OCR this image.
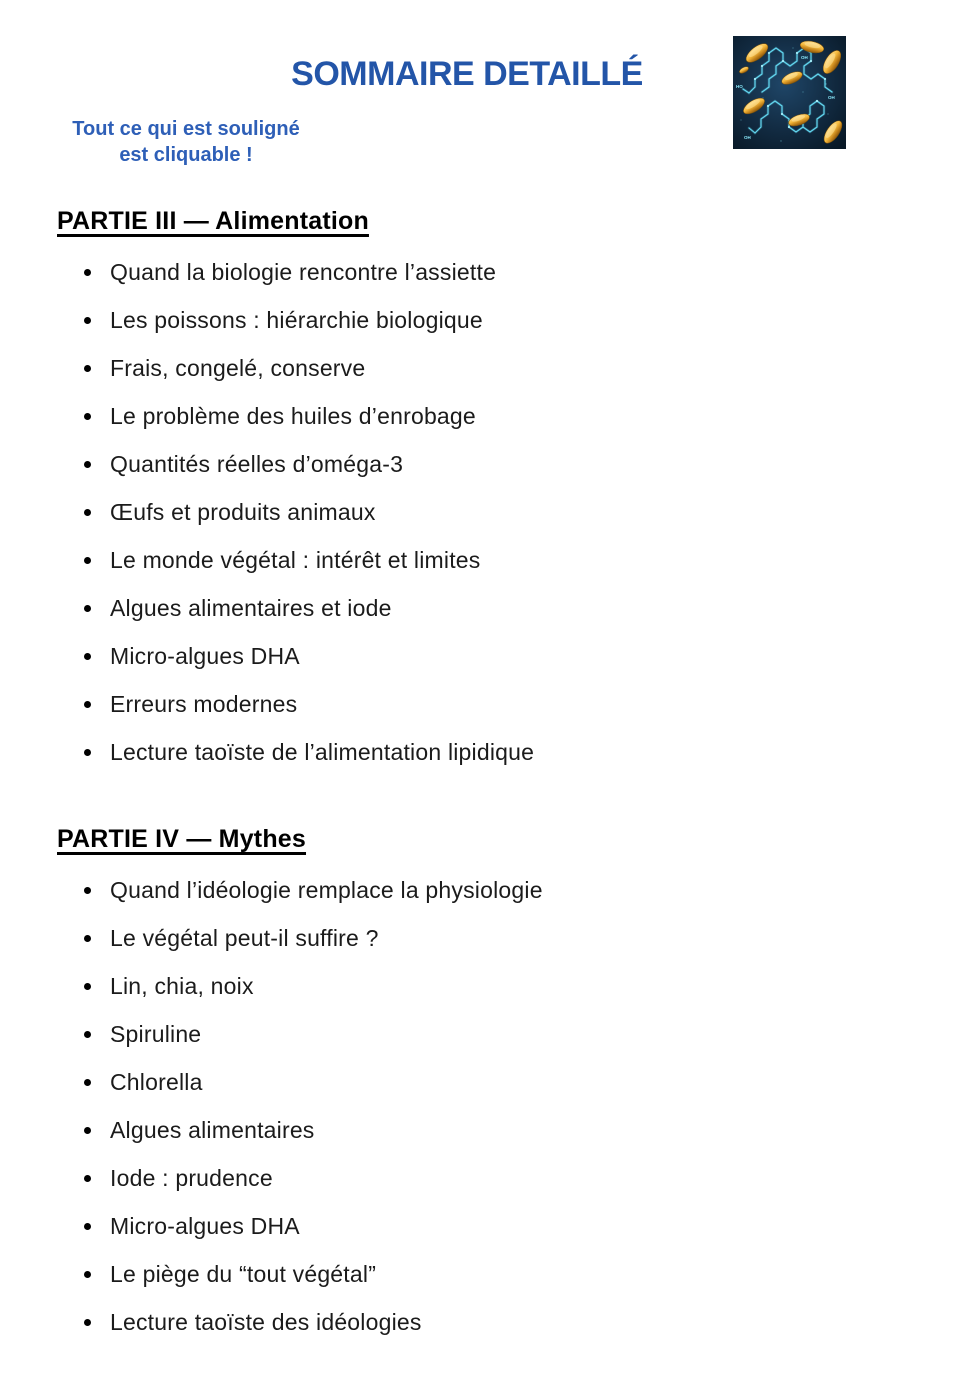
SOMMAIRE DETAILLÉ
Tout ce qui est souligné
est cliquable !
OH
HO
OH
OH
PARTIE III — Alimentation
Quand la biologie rencontre l’assiette
Les poissons : hiérarchie biologique
Frais, congelé, conserve
Le problème des huiles d’enrobage
Quantités réelles d’oméga-3
Œufs et produits animaux
Le monde végétal : intérêt et limites
Algues alimentaires et iode
Micro-algues DHA
Erreurs modernes
Lecture taoïste de l’alimentation lipidique
PARTIE IV — Mythes
Quand l’idéologie remplace la physiologie
Le végétal peut-il suffire ?
Lin, chia, noix
Spiruline
Chlorella
Algues alimentaires
Iode : prudence
Micro-algues DHA
Le piège du “tout végétal”
Lecture taoïste des idéologies
